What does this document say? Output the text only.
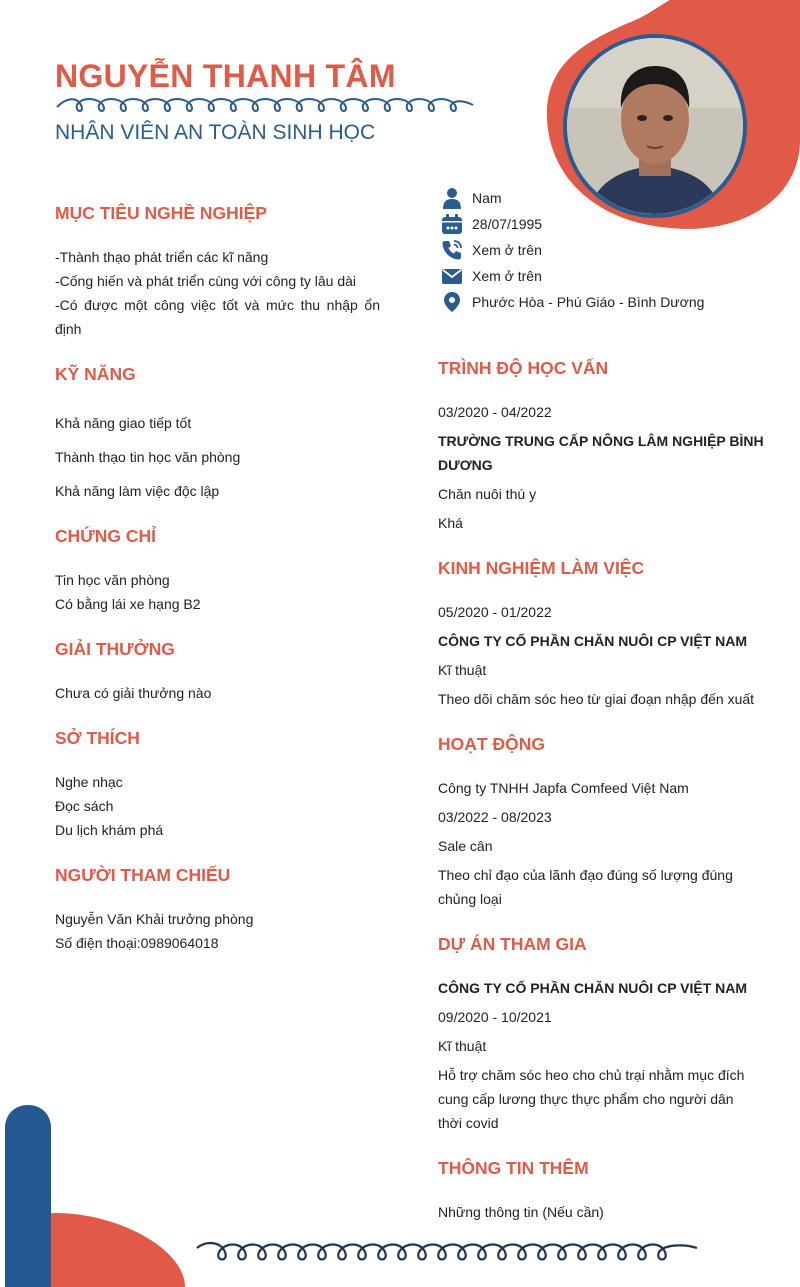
NGUYỄN THANH TÂM
NHÂN VIÊN AN TOÀN SINH HỌC
Nam
28/07/1995
Xem ở trên
Xem ở trên
Phước Hòa - Phú Giáo - Bình Dương
MỤC TIÊU NGHỀ NGHIỆP
-Thành thạo phát triển các kĩ năng
-Cống hiến và phát triển cùng với công ty lâu dài
-Có được một công việc tốt và mức thu nhập ổn định
KỸ NĂNG
Khả năng giao tiếp tốt
Thành thạo tin học văn phòng
Khả năng làm việc độc lập
CHỨNG CHỈ
Tin học văn phòng
Có bằng lái xe hạng B2
GIẢI THƯỞNG
Chưa có giải thưởng nào
SỞ THÍCH
Nghe nhạc
Đọc sách
Du lịch khám phá
NGƯỜI THAM CHIẾU
Nguyễn Văn Khải trưởng phòng
Số điện thoại:0989064018
TRÌNH ĐỘ HỌC VẤN
03/2020 - 04/2022
TRƯỜNG TRUNG CẤP NÔNG LÂM NGHIỆP BÌNH DƯƠNG
Chăn nuôi thú y
Khá
KINH NGHIỆM LÀM VIỆC
05/2020 - 01/2022
CÔNG TY CỔ PHẦN CHĂN NUÔI CP VIỆT NAM
Kĩ thuật
Theo dõi chăm sóc heo từ giai đoạn nhập đến xuất
HOẠT ĐỘNG
Công ty TNHH Japfa Comfeed Việt Nam
03/2022 - 08/2023
Sale cân
Theo chỉ đạo của lãnh đạo đúng số lượng đúng chủng loại
DỰ ÁN THAM GIA
CÔNG TY CỔ PHẦN CHĂN NUÔI CP VIỆT NAM
09/2020 - 10/2021
Kĩ thuật
Hỗ trợ chăm sóc heo cho chủ trại nhằm mục đích cung cấp lương thực thực phẩm cho người dân thời covid
THÔNG TIN THÊM
Những thông tin (Nếu cần)
